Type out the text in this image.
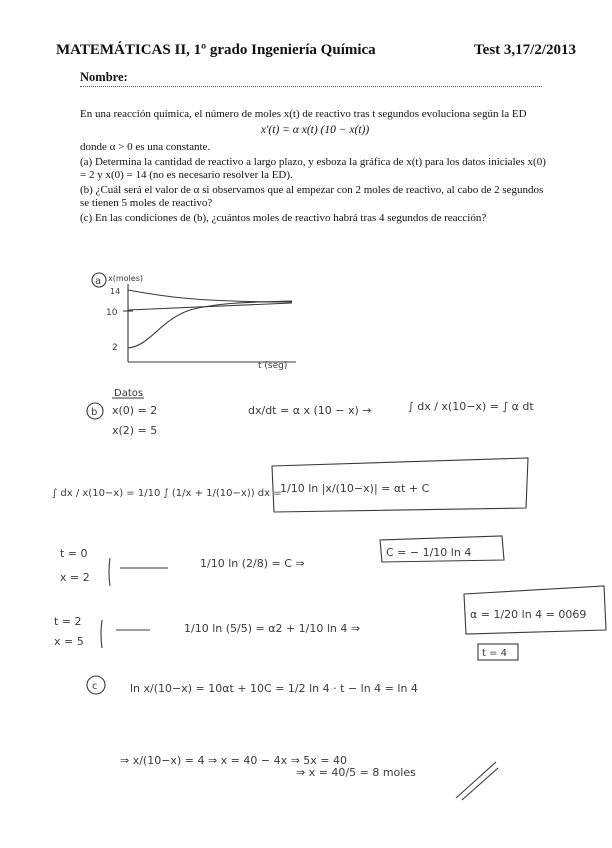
MATEMÁTICAS II, 1º grado Ingeniería Química	Test 3,17/2/2013
Nombre:

En una reacción química, el número de moles x(t) de reactivo tras t segundos evoluciona según la ED

x′(t) = α x(t) (10 − x(t))

donde α > 0 es una constante.

(a) Determina la cantidad de reactivo a largo plazo, y esboza la gráfica de x(t) para los datos iniciales x(0) = 2 y x(0) = 14 (no es necesario resolver la ED).

(b) ¿Cuál será el valor de α si observamos que al empezar con 2 moles de reactivo, al cabo de 2 segundos se tienen 5 moles de reactivo?

(c) En las condiciones de (b), ¿cuántos moles de reactivo habrá tras 4 segundos de reacción?

a x(moles)
14
10
2
t (seg)
Datos
b x(0) = 2
x(2) = 5
dx/dt = α x (10 − x) →	∫ dx / x(10−x) = ∫ α dt
∫ dx / x(10−x) = 1/10 ∫ (1/x + 1/(10−x)) dx =
1/10 ln |x/(10−x)| = αt + C
t = 0
x = 2
1/10 ln (2/8) = C ⇒
C = − 1/10 ln 4
t = 2
x = 5
1/10 ln (5/5) = α2 + 1/10 ln 4 ⇒
α = 1/20 ln 4 = 0069
c
t = 4
ln x/(10−x) = 10αt + 10C = 1/2 ln 4 · t − ln 4 = ln 4
⇒ x/(10−x) = 4 ⇒ x = 40 − 4x ⇒ 5x = 40
⇒ x = 40/5 = 8 moles
